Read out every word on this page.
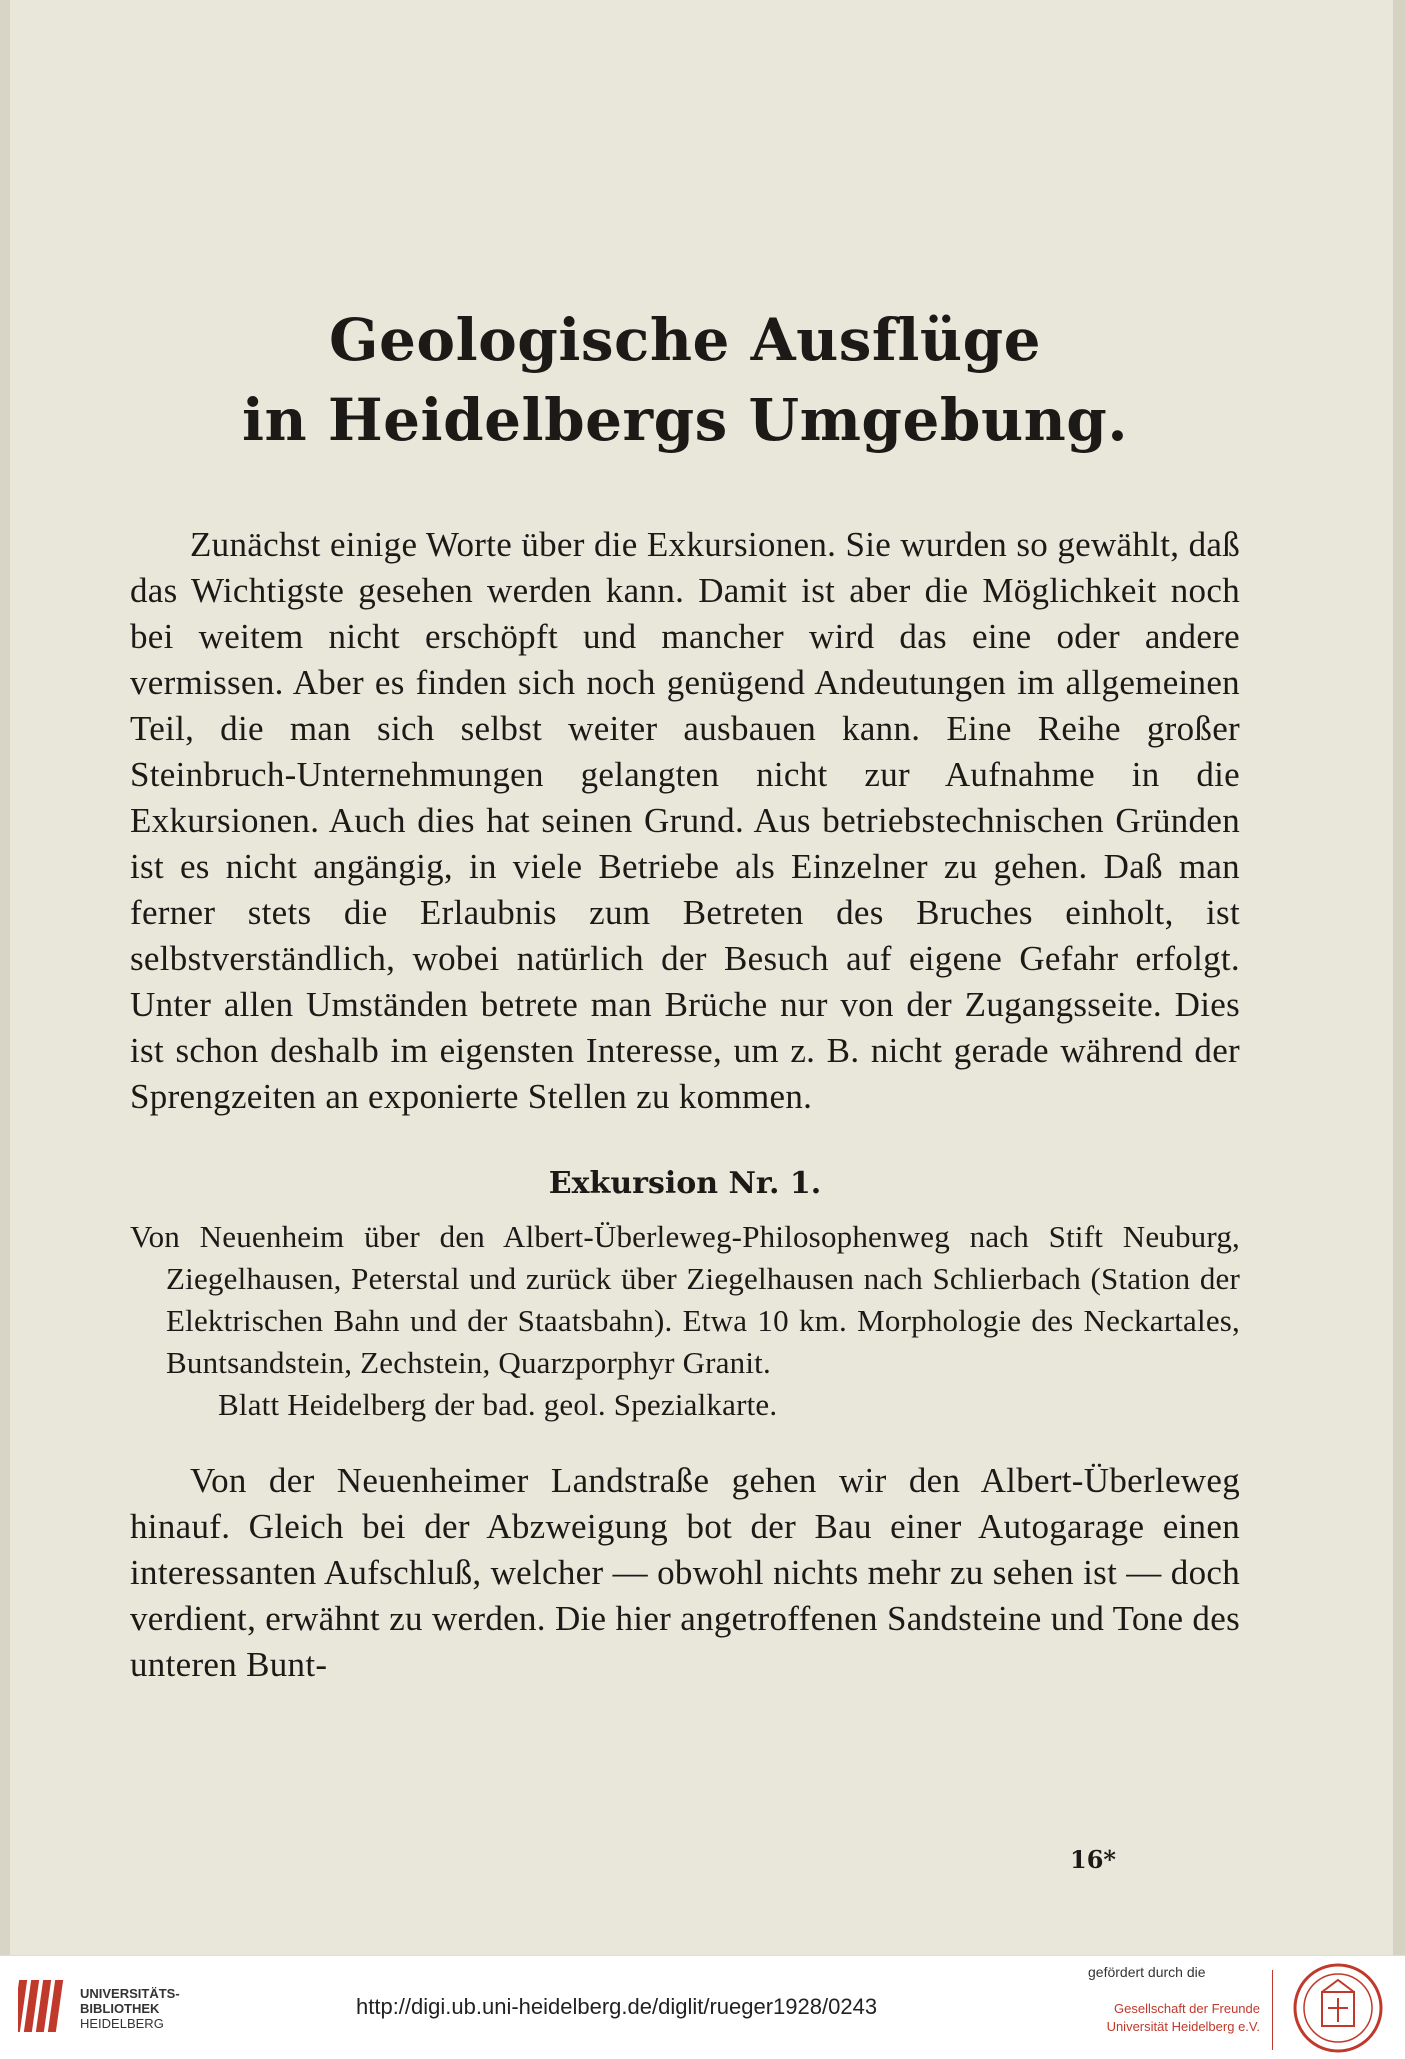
Geologische Ausflüge
in Heidelbergs Umgebung.

Zunächst einige Worte über die Exkursionen. Sie wurden so gewählt, daß das Wichtigste gesehen werden kann. Damit ist aber die Möglichkeit noch bei weitem nicht erschöpft und mancher wird das eine oder andere vermissen. Aber es finden sich noch genügend Andeutungen im allgemeinen Teil, die man sich selbst weiter ausbauen kann. Eine Reihe großer Steinbruch-Unternehmungen gelangten nicht zur Aufnahme in die Exkursionen. Auch dies hat seinen Grund. Aus betriebstechnischen Gründen ist es nicht angängig, in viele Betriebe als Einzelner zu gehen. Daß man ferner stets die Erlaubnis zum Betreten des Bruches einholt, ist selbstverständlich, wobei natürlich der Besuch auf eigene Gefahr erfolgt. Unter allen Umständen betrete man Brüche nur von der Zugangsseite. Dies ist schon deshalb im eigensten Interesse, um z. B. nicht gerade während der Sprengzeiten an exponierte Stellen zu kommen.

Exkursion Nr. 1.

Von Neuenheim über den Albert-Überleweg-Philosophenweg nach Stift Neuburg, Ziegelhausen, Peterstal und zurück über Ziegelhausen nach Schlierbach (Station der Elektrischen Bahn und der Staatsbahn). Etwa 10 km. Morphologie des Neckartales, Buntsandstein, Zechstein, Quarzporphyr Granit.

Blatt Heidelberg der bad. geol. Spezialkarte.

Von der Neuenheimer Landstraße gehen wir den Albert-Überleweg hinauf. Gleich bei der Abzweigung bot der Bau einer Autogarage einen interessanten Aufschluß, welcher — obwohl nichts mehr zu sehen ist — doch verdient, erwähnt zu werden. Die hier angetroffenen Sandsteine und Tone des unteren Bunt-

16*
UNIVERSITÄTS-
BIBLIOTHEK
HEIDELBERG
http://digi.ub.uni-heidelberg.de/diglit/rueger1928/0243
gefördert durch die
Gesellschaft der Freunde
Universität Heidelberg e.V.
